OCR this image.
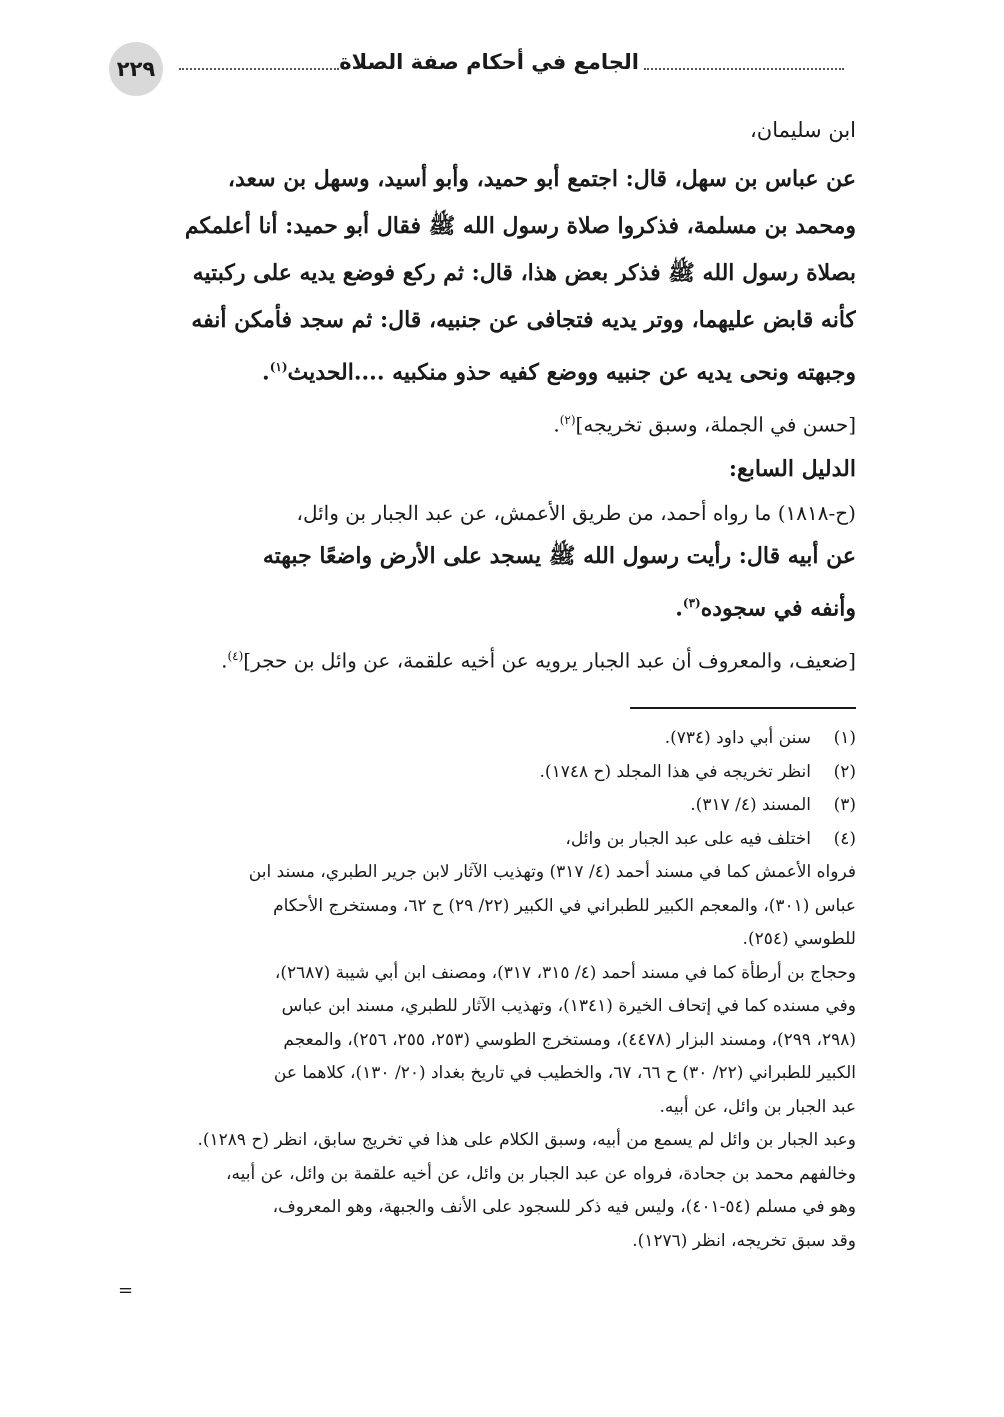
٢٢٩	الجامع في أحكام صفة الصلاة

ابن سليمان،

عن عباس بن سهل، قال: اجتمع أبو حميد، وأبو أسيد، وسهل بن سعد،
ومحمد بن مسلمة، فذكروا صلاة رسول الله ﷺ فقال أبو حميد: أنا أعلمكم
بصلاة رسول الله ﷺ فذكر بعض هذا، قال: ثم ركع فوضع يديه على ركبتيه
كأنه قابض عليهما، ووتر يديه فتجافى عن جنبيه، قال: ثم سجد فأمكن أنفه
وجبهته ونحى يديه عن جنبيه ووضع كفيه حذو منكبيه ....الحديث$^{(١)}$.

[حسن في الجملة، وسبق تخريجه]$^{(٢)}$.

الدليل السابع:

(ح-١٨١٨) ما رواه أحمد، من طريق الأعمش، عن عبد الجبار بن وائل،

عن أبيه قال: رأيت رسول الله ﷺ يسجد على الأرض واضعًا جبهته
وأنفه في سجوده$^{(٣)}$.

[ضعيف، والمعروف أن عبد الجبار يرويه عن أخيه علقمة، عن وائل بن حجر]$^{(٤)}$.

(١)
سنن أبي داود (٧٣٤).
(٢)
انظر تخريجه في هذا المجلد (ح ١٧٤٨).
(٣)
المسند (٤/ ٣١٧).
(٤)
اختلف فيه على عبد الجبار بن وائل،
فرواه الأعمش كما في مسند أحمد (٤/ ٣١٧) وتهذيب الآثار لابن جرير الطبري، مسند ابن
عباس (٣٠١)، والمعجم الكبير للطبراني في الكبير (٢٢/ ٢٩) ح ٦٢، ومستخرج الأحكام
للطوسي (٢٥٤).
وحجاج بن أرطأة كما في مسند أحمد (٤/ ٣١٥، ٣١٧)، ومصنف ابن أبي شيبة (٢٦٨٧)،
وفي مسنده كما في إتحاف الخيرة (١٣٤١)، وتهذيب الآثار للطبري، مسند ابن عباس
(٢٩٨، ٢٩٩)، ومسند البزار (٤٤٧٨)، ومستخرج الطوسي (٢٥٣، ٢٥٥، ٢٥٦)، والمعجم
الكبير للطبراني (٢٢/ ٣٠) ح ٦٦، ٦٧، والخطيب في تاريخ بغداد (٢٠/ ١٣٠)، كلاهما عن
عبد الجبار بن وائل، عن أبيه.
وعبد الجبار بن وائل لم يسمع من أبيه، وسبق الكلام على هذا في تخريج سابق، انظر (ح ١٢٨٩).
وخالفهم محمد بن جحادة، فرواه عن عبد الجبار بن وائل، عن أخيه علقمة بن وائل، عن أبيه،
وهو في مسلم (٥٤-٤٠١)، وليس فيه ذكر للسجود على الأنف والجبهة، وهو المعروف،
وقد سبق تخريجه، انظر (١٢٧٦).
=
